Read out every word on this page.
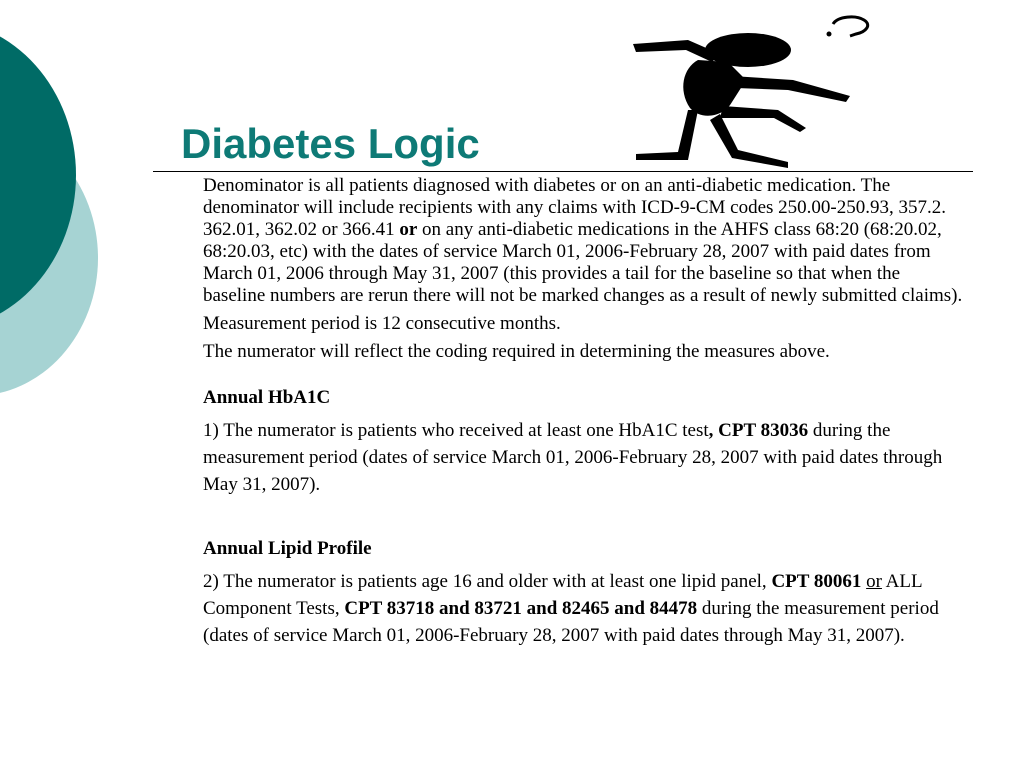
Diabetes Logic

Denominator is all patients diagnosed with diabetes or on an anti-diabetic medication. The denominator will include recipients with any claims with ICD-9-CM codes 250.00-250.93, 357.2. 362.01, 362.02 or 366.41 or on any anti-diabetic medications in the AHFS class 68:20 (68:20.02, 68:20.03, etc) with the dates of service March 01, 2006-February 28, 2007 with paid dates from March 01, 2006 through May 31, 2007 (this provides a tail for the baseline so that when the baseline numbers are rerun there will not be marked changes as a result of newly submitted claims).

Measurement period is 12 consecutive months.

The numerator will reflect the coding required in determining the measures above.

Annual HbA1C

1) The numerator is patients who received at least one HbA1C test, CPT 83036 during the measurement period (dates of service March 01, 2006-February 28, 2007 with paid dates through May 31, 2007).

Annual Lipid Profile

2) The numerator is patients age 16 and older with at least one lipid panel, CPT 80061 or ALL Component Tests, CPT 83718 and 83721 and 82465 and 84478 during the measurement period (dates of service March 01, 2006-February 28, 2007 with paid dates through May 31, 2007).
